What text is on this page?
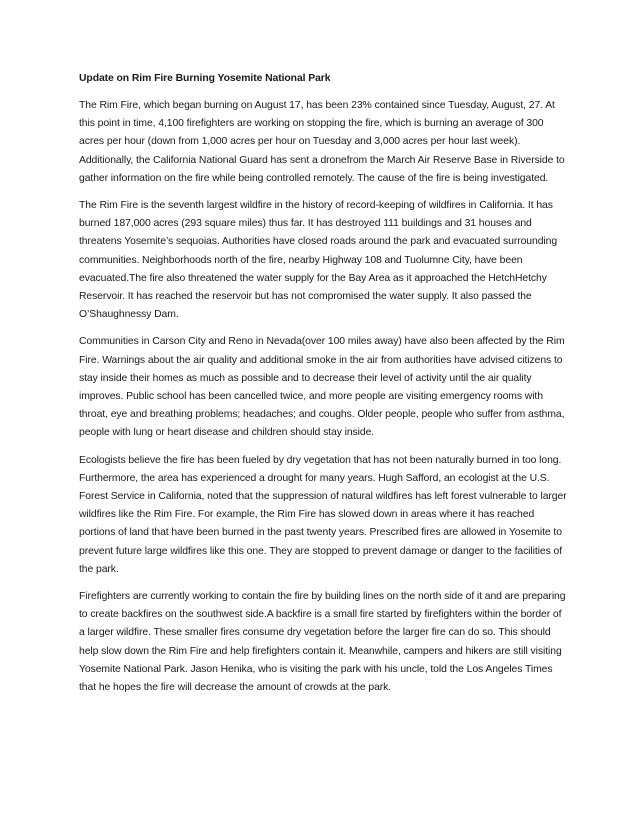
Update on Rim Fire Burning Yosemite National Park

The Rim Fire, which began burning on August 17, has been 23% contained since Tuesday, August, 27. At this point in time, 4,100 firefighters are working on stopping the fire, which is burning an average of 300 acres per hour (down from 1,000 acres per hour on Tuesday and 3,000 acres per hour last week). Additionally, the California National Guard has sent a dronefrom the March Air Reserve Base in Riverside to gather information on the fire while being controlled remotely. The cause of the fire is being investigated.

The Rim Fire is the seventh largest wildfire in the history of record-keeping of wildfires in California. It has burned 187,000 acres (293 square miles) thus far. It has destroyed 111 buildings and 31 houses and threatens Yosemite’s sequoias. Authorities have closed roads around the park and evacuated surrounding communities. Neighborhoods north of the fire, nearby Highway 108 and Tuolumne City, have been evacuated.The fire also threatened the water supply for the Bay Area as it approached the HetchHetchy Reservoir. It has reached the reservoir but has not compromised the water supply. It also passed the O’Shaughnessy Dam.

Communities in Carson City and Reno in Nevada(over 100 miles away) have also been affected by the Rim Fire. Warnings about the air quality and additional smoke in the air from authorities have advised citizens to stay inside their homes as much as possible and to decrease their level of activity until the air quality improves. Public school has been cancelled twice, and more people are visiting emergency rooms with throat, eye and breathing problems; headaches; and coughs. Older people, people who suffer from asthma, people with lung or heart disease and children should stay inside.

Ecologists believe the fire has been fueled by dry vegetation that has not been naturally burned in too long. Furthermore, the area has experienced a drought for many years. Hugh Safford, an ecologist at the U.S. Forest Service in California, noted that the suppression of natural wildfires has left forest vulnerable to larger wildfires like the Rim Fire. For example, the Rim Fire has slowed down in areas where it has reached portions of land that have been burned in the past twenty years. Prescribed fires are allowed in Yosemite to prevent future large wildfires like this one. They are stopped to prevent damage or danger to the facilities of the park.

Firefighters are currently working to contain the fire by building lines on the north side of it and are preparing to create backfires on the southwest side.A backfire is a small fire started by firefighters within the border of a larger wildfire. These smaller fires consume dry vegetation before the larger fire can do so. This should help slow down the Rim Fire and help firefighters contain it. Meanwhile, campers and hikers are still visiting Yosemite National Park. Jason Henika, who is visiting the park with his uncle, told the Los Angeles Times that he hopes the fire will decrease the amount of crowds at the park.
